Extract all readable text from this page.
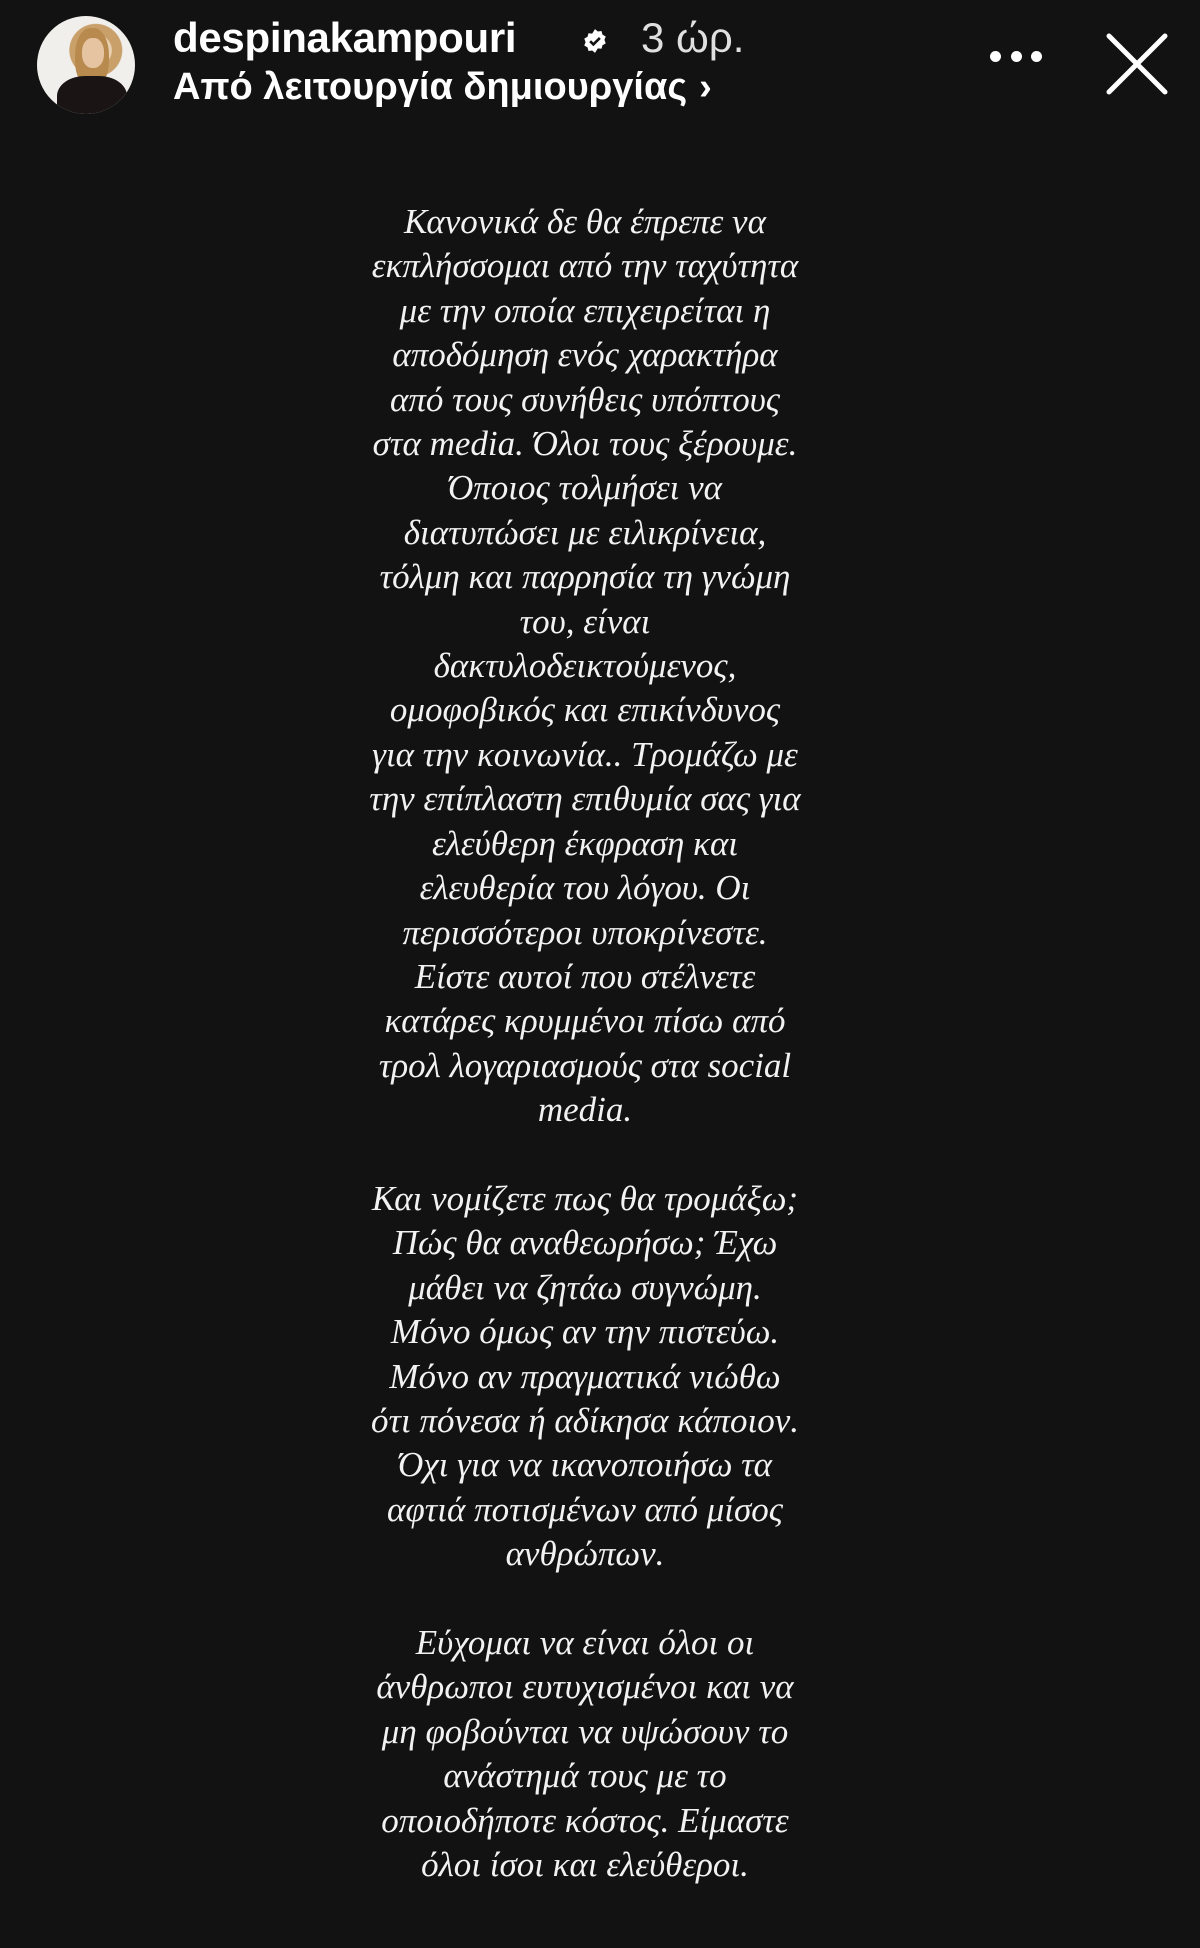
despinakampouri	3 ώρ.
Από λειτουργία δημιουργίας ›
Κανονικά δε θα έπρεπε να
εκπλήσσομαι από την ταχύτητα
με την οποία επιχειρείται η
αποδόμηση ενός χαρακτήρα
από τους συνήθεις υπόπτους
στα media. Όλοι τους ξέρουμε.
Όποιος τολμήσει να
διατυπώσει με ειλικρίνεια,
τόλμη και παρρησία τη γνώμη
του, είναι
δακτυλοδεικτούμενος,
ομοφοβικός και επικίνδυνος
για την κοινωνία.. Τρομάζω με
την επίπλαστη επιθυμία σας για
ελεύθερη έκφραση και
ελευθερία του λόγου. Οι
περισσότεροι υποκρίνεστε.
Είστε αυτοί που στέλνετε
κατάρες κρυμμένοι πίσω από
τρολ λογαριασμούς στα social
media.
Και νομίζετε πως θα τρομάξω;
Πώς θα αναθεωρήσω; Έχω
μάθει να ζητάω συγνώμη.
Μόνο όμως αν την πιστεύω.
Μόνο αν πραγματικά νιώθω
ότι πόνεσα ή αδίκησα κάποιον.
Όχι για να ικανοποιήσω τα
αφτιά ποτισμένων από μίσος
ανθρώπων.
Εύχομαι να είναι όλοι οι
άνθρωποι ευτυχισμένοι και να
μη φοβούνται να υψώσουν το
ανάστημά τους με το
οποιοδήποτε κόστος. Είμαστε
όλοι ίσοι και ελεύθεροι.
